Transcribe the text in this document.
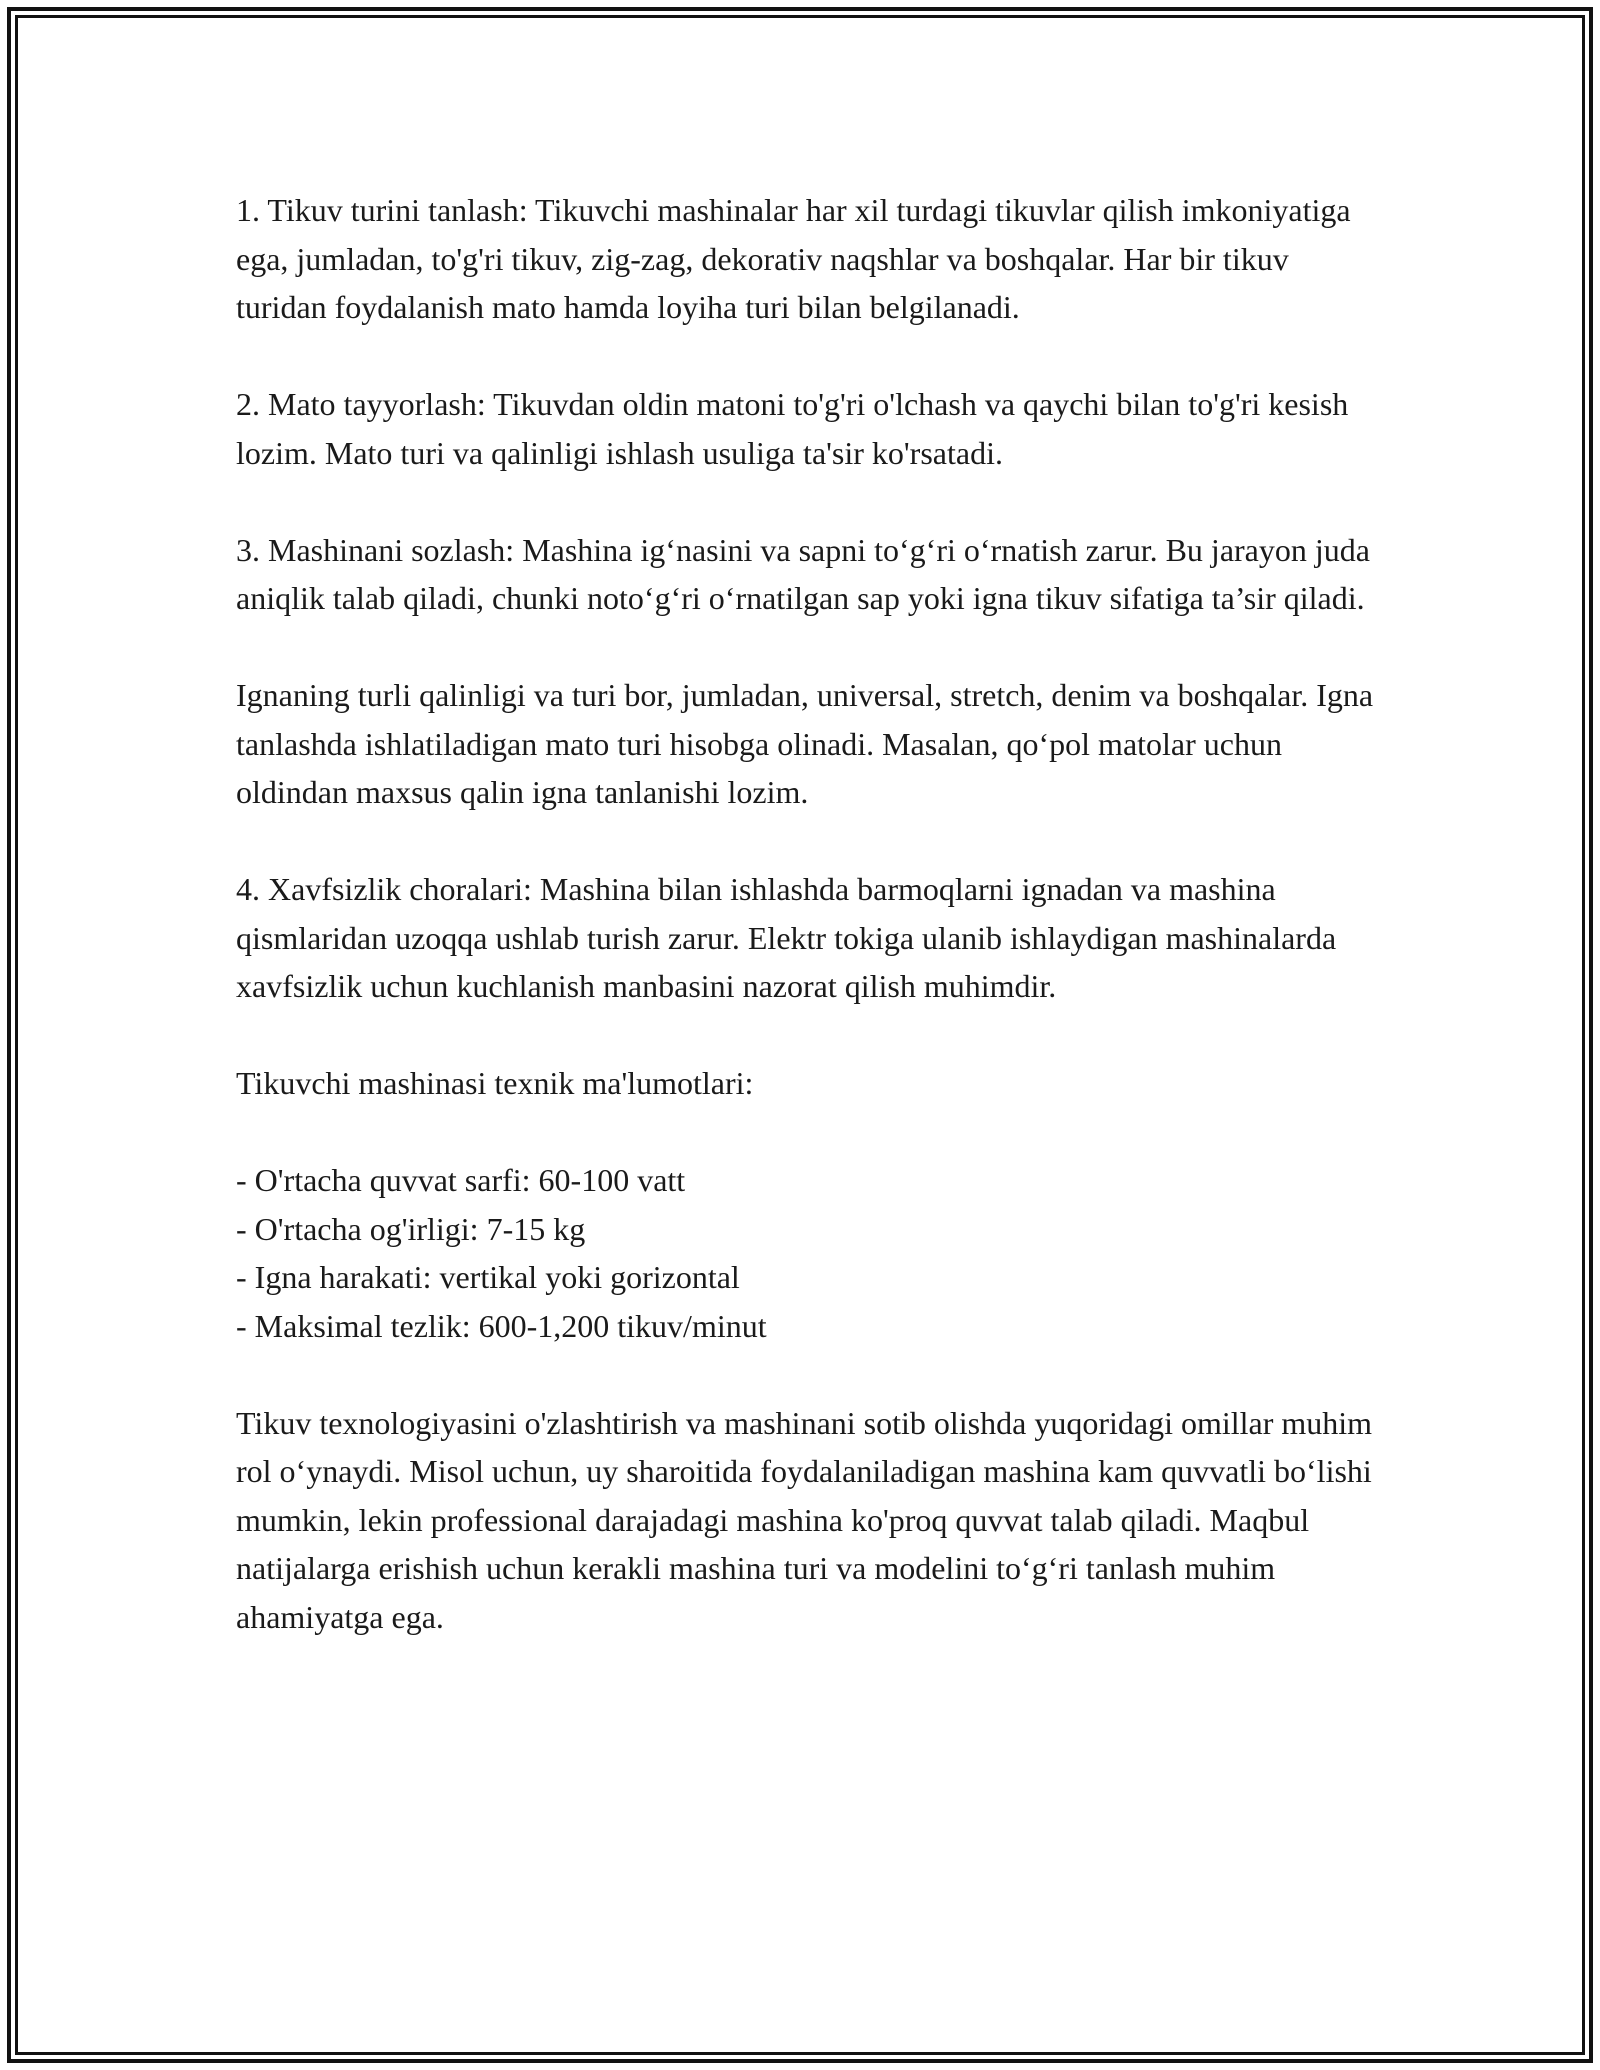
1. Tikuv turini tanlash: Tikuvchi mashinalar har xil turdagi tikuvlar qilish imkoniyatiga ega, jumladan, to'g'ri tikuv, zig-zag, dekorativ naqshlar va boshqalar. Har bir tikuv turidan foydalanish mato hamda loyiha turi bilan belgilanadi.

2. Mato tayyorlash: Tikuvdan oldin matoni to'g'ri o'lchash va qaychi bilan to'g'ri kesish lozim. Mato turi va qalinligi ishlash usuliga ta'sir ko'rsatadi.

3. Mashinani sozlash: Mashina igʻnasini va sapni toʻgʻri oʻrnatish zarur. Bu jarayon juda aniqlik talab qiladi, chunki notoʻgʻri oʻrnatilgan sap yoki igna tikuv sifatiga ta’sir qiladi.

Ignaning turli qalinligi va turi bor, jumladan, universal, stretch, denim va boshqalar. Igna tanlashda ishlatiladigan mato turi hisobga olinadi. Masalan, qoʻpol matolar uchun oldindan maxsus qalin igna tanlanishi lozim.

4. Xavfsizlik choralari: Mashina bilan ishlashda barmoqlarni ignadan va mashina qismlaridan uzoqqa ushlab turish zarur. Elektr tokiga ulanib ishlaydigan mashinalarda xavfsizlik uchun kuchlanish manbasini nazorat qilish muhimdir.

Tikuvchi mashinasi texnik ma'lumotlari:

- O'rtacha quvvat sarfi: 60-100 vatt
- O'rtacha og'irligi: 7-15 kg
- Igna harakati: vertikal yoki gorizontal
- Maksimal tezlik: 600-1,200 tikuv/minut

Tikuv texnologiyasini o'zlashtirish va mashinani sotib olishda yuqoridagi omillar muhim rol oʻynaydi. Misol uchun, uy sharoitida foydalaniladigan mashina kam quvvatli boʻlishi mumkin, lekin professional darajadagi mashina ko'proq quvvat talab qiladi. Maqbul natijalarga erishish uchun kerakli mashina turi va modelini toʻgʻri tanlash muhim ahamiyatga ega.
